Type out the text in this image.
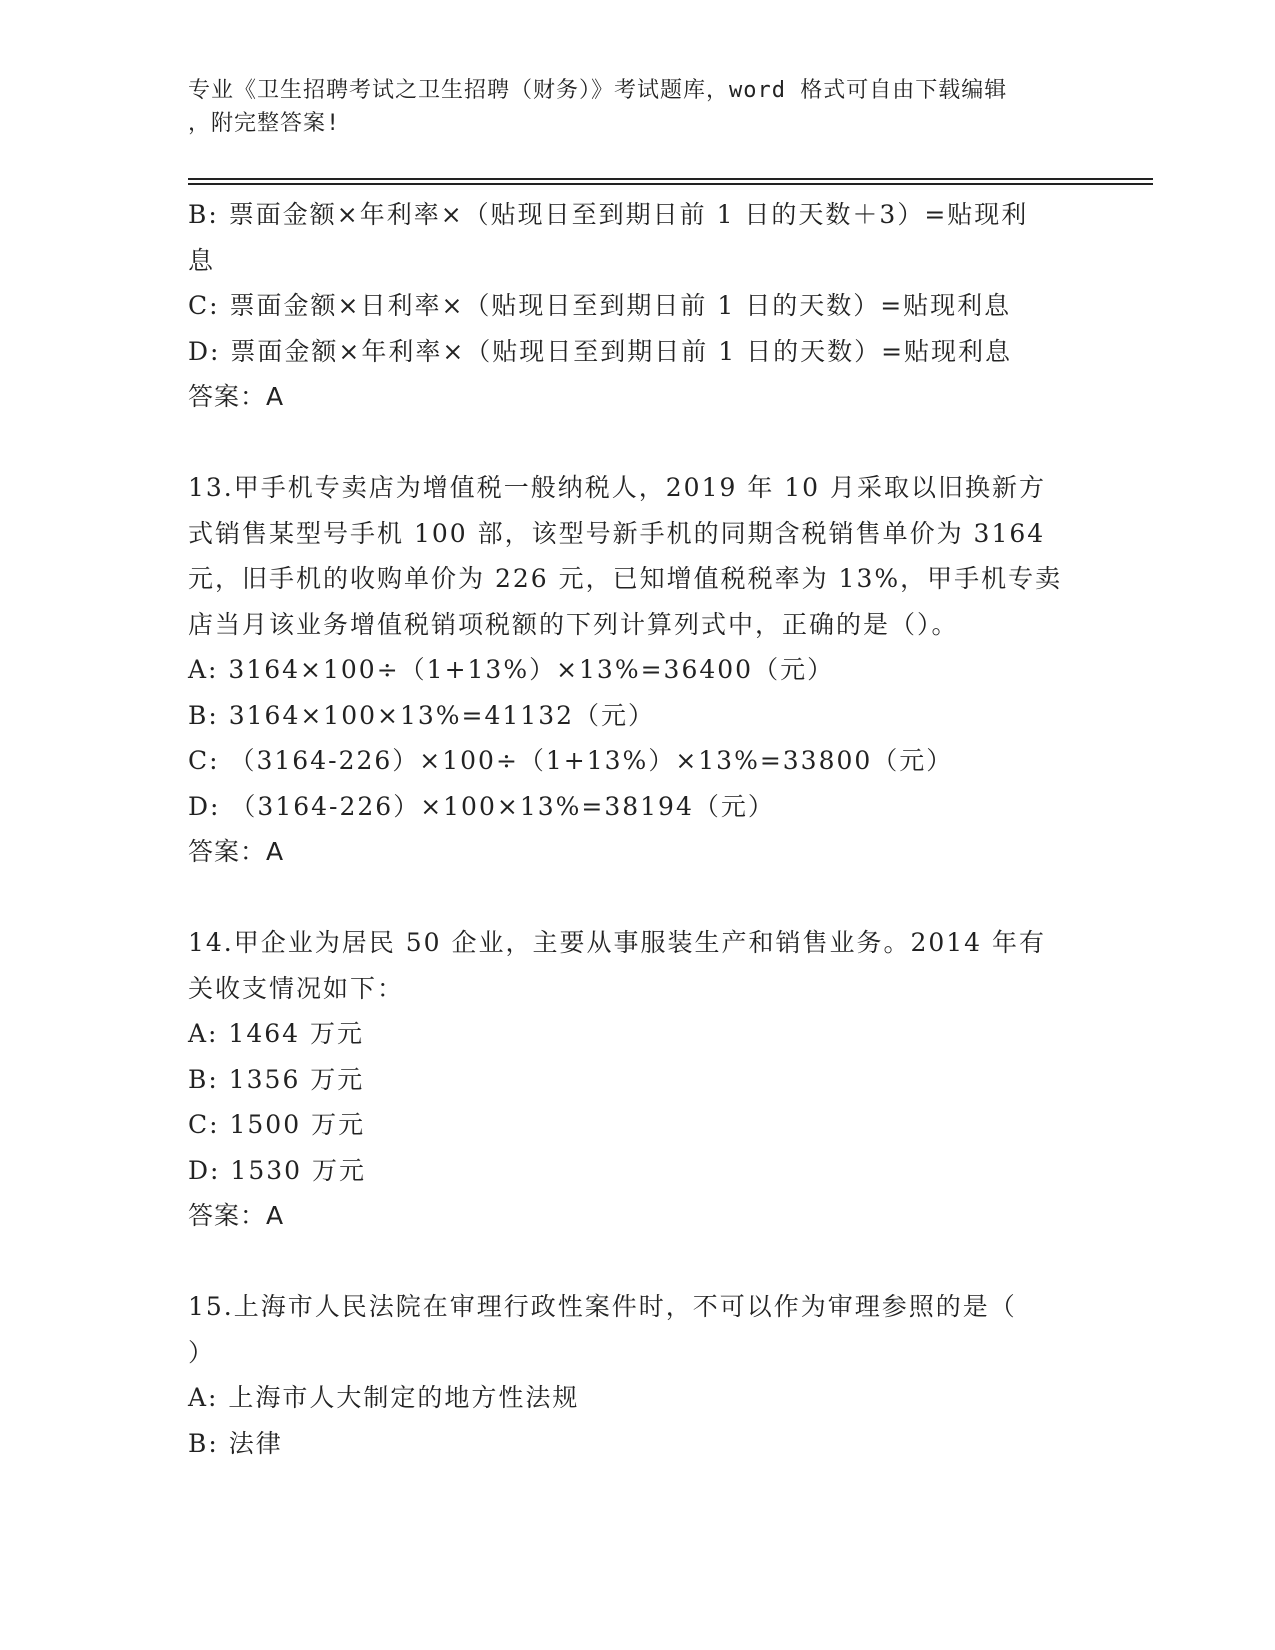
专业《卫生招聘考试之卫生招聘（财务）》考试题库，word 格式可自由下载编辑
，附完整答案!
B: 票面金额×年利率×（贴现日至到期日前 1 日的天数＋3）=贴现利
息
C: 票面金额×日利率×（贴现日至到期日前 1 日的天数）=贴现利息
D: 票面金额×年利率×（贴现日至到期日前 1 日的天数）=贴现利息
答案：A
13.甲手机专卖店为增值税一般纳税人，2019 年 10 月采取以旧换新方
式销售某型号手机 100 部，该型号新手机的同期含税销售单价为 3164
元，旧手机的收购单价为 226 元，已知增值税税率为 13%，甲手机专卖
店当月该业务增值税销项税额的下列计算列式中，正确的是（）。
A: 3164×100÷（1+13%）×13%=36400（元）
B: 3164×100×13%=41132（元）
C: （3164-226）×100÷（1+13%）×13%=33800（元）
D: （3164-226）×100×13%=38194（元）
答案：A
14.甲企业为居民 50 企业，主要从事服装生产和销售业务。2014 年有
关收支情况如下：
A: 1464 万元
B: 1356 万元
C: 1500 万元
D: 1530 万元
答案：A
15.上海市人民法院在审理行政性案件时，不可以作为审理参照的是（
）
A: 上海市人大制定的地方性法规
B: 法律
